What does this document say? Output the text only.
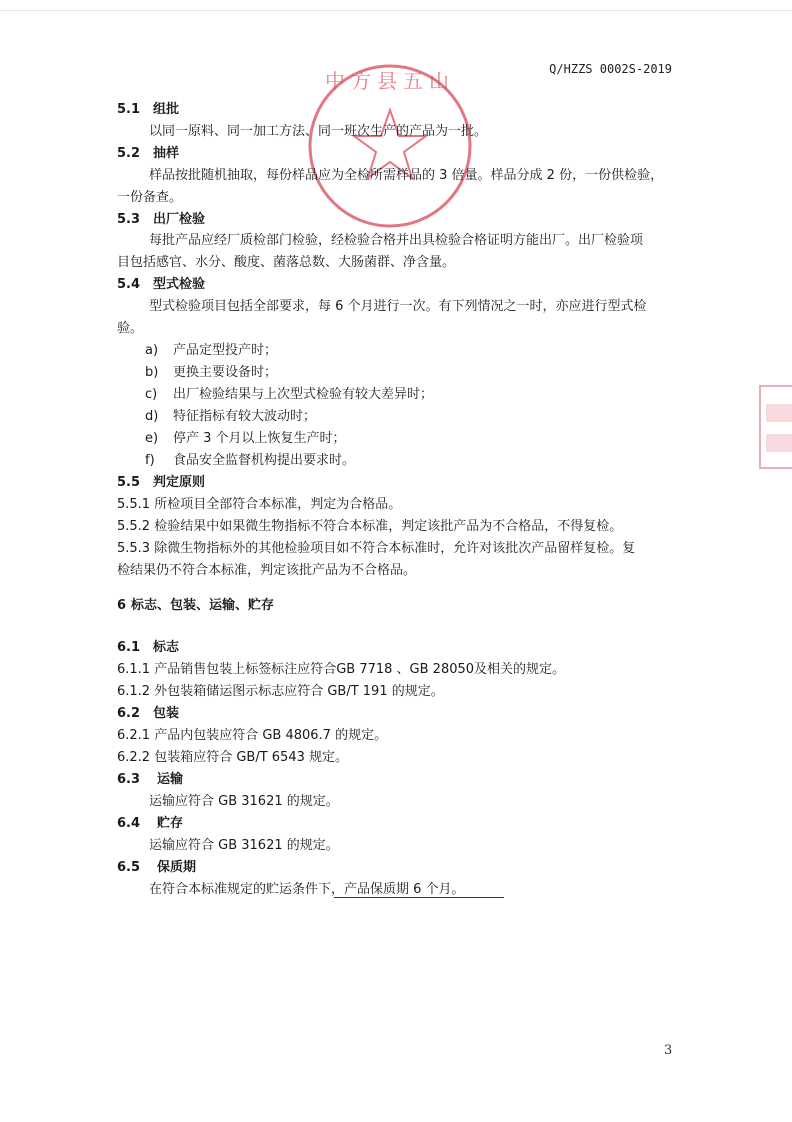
Q/HZZS 0002S-2019
中方县五山
5.1 组批
以同一原料、同一加工方法、同一班次生产的产品为一批。
5.2 抽样
样品按批随机抽取，每份样品应为全检所需样品的 3 倍量。样品分成 2 份，一份供检验，
一份备查。
5.3 出厂检验
每批产品应经厂质检部门检验，经检验合格并出具检验合格证明方能出厂。出厂检验项
目包括感官、水分、酸度、菌落总数、大肠菌群、净含量。
5.4 型式检验
型式检验项目包括全部要求，每 6 个月进行一次。有下列情况之一时，亦应进行型式检
验。
a) 产品定型投产时；
b) 更换主要设备时；
c) 出厂检验结果与上次型式检验有较大差异时；
d) 特征指标有较大波动时；
e) 停产 3 个月以上恢复生产时；
f) 食品安全监督机构提出要求时。
5.5 判定原则
5.5.1 所检项目全部符合本标准，判定为合格品。
5.5.2 检验结果中如果微生物指标不符合本标准，判定该批产品为不合格品，不得复检。
5.5.3 除微生物指标外的其他检验项目如不符合本标准时，允许对该批次产品留样复检。复
检结果仍不符合本标准，判定该批产品为不合格品。
6 标志、包装、运输、贮存
6.1 标志
6.1.1 产品销售包装上标签标注应符合GB 7718 、GB 28050及相关的规定。
6.1.2 外包装箱储运图示标志应符合 GB/T 191 的规定。
6.2 包装
6.2.1 产品内包装应符合 GB 4806.7 的规定。
6.2.2 包装箱应符合 GB/T 6543 规定。
6.3 运输
运输应符合 GB 31621 的规定。
6.4 贮存
运输应符合 GB 31621 的规定。
6.5 保质期
在符合本标准规定的贮运条件下，产品保质期 6 个月。
3
